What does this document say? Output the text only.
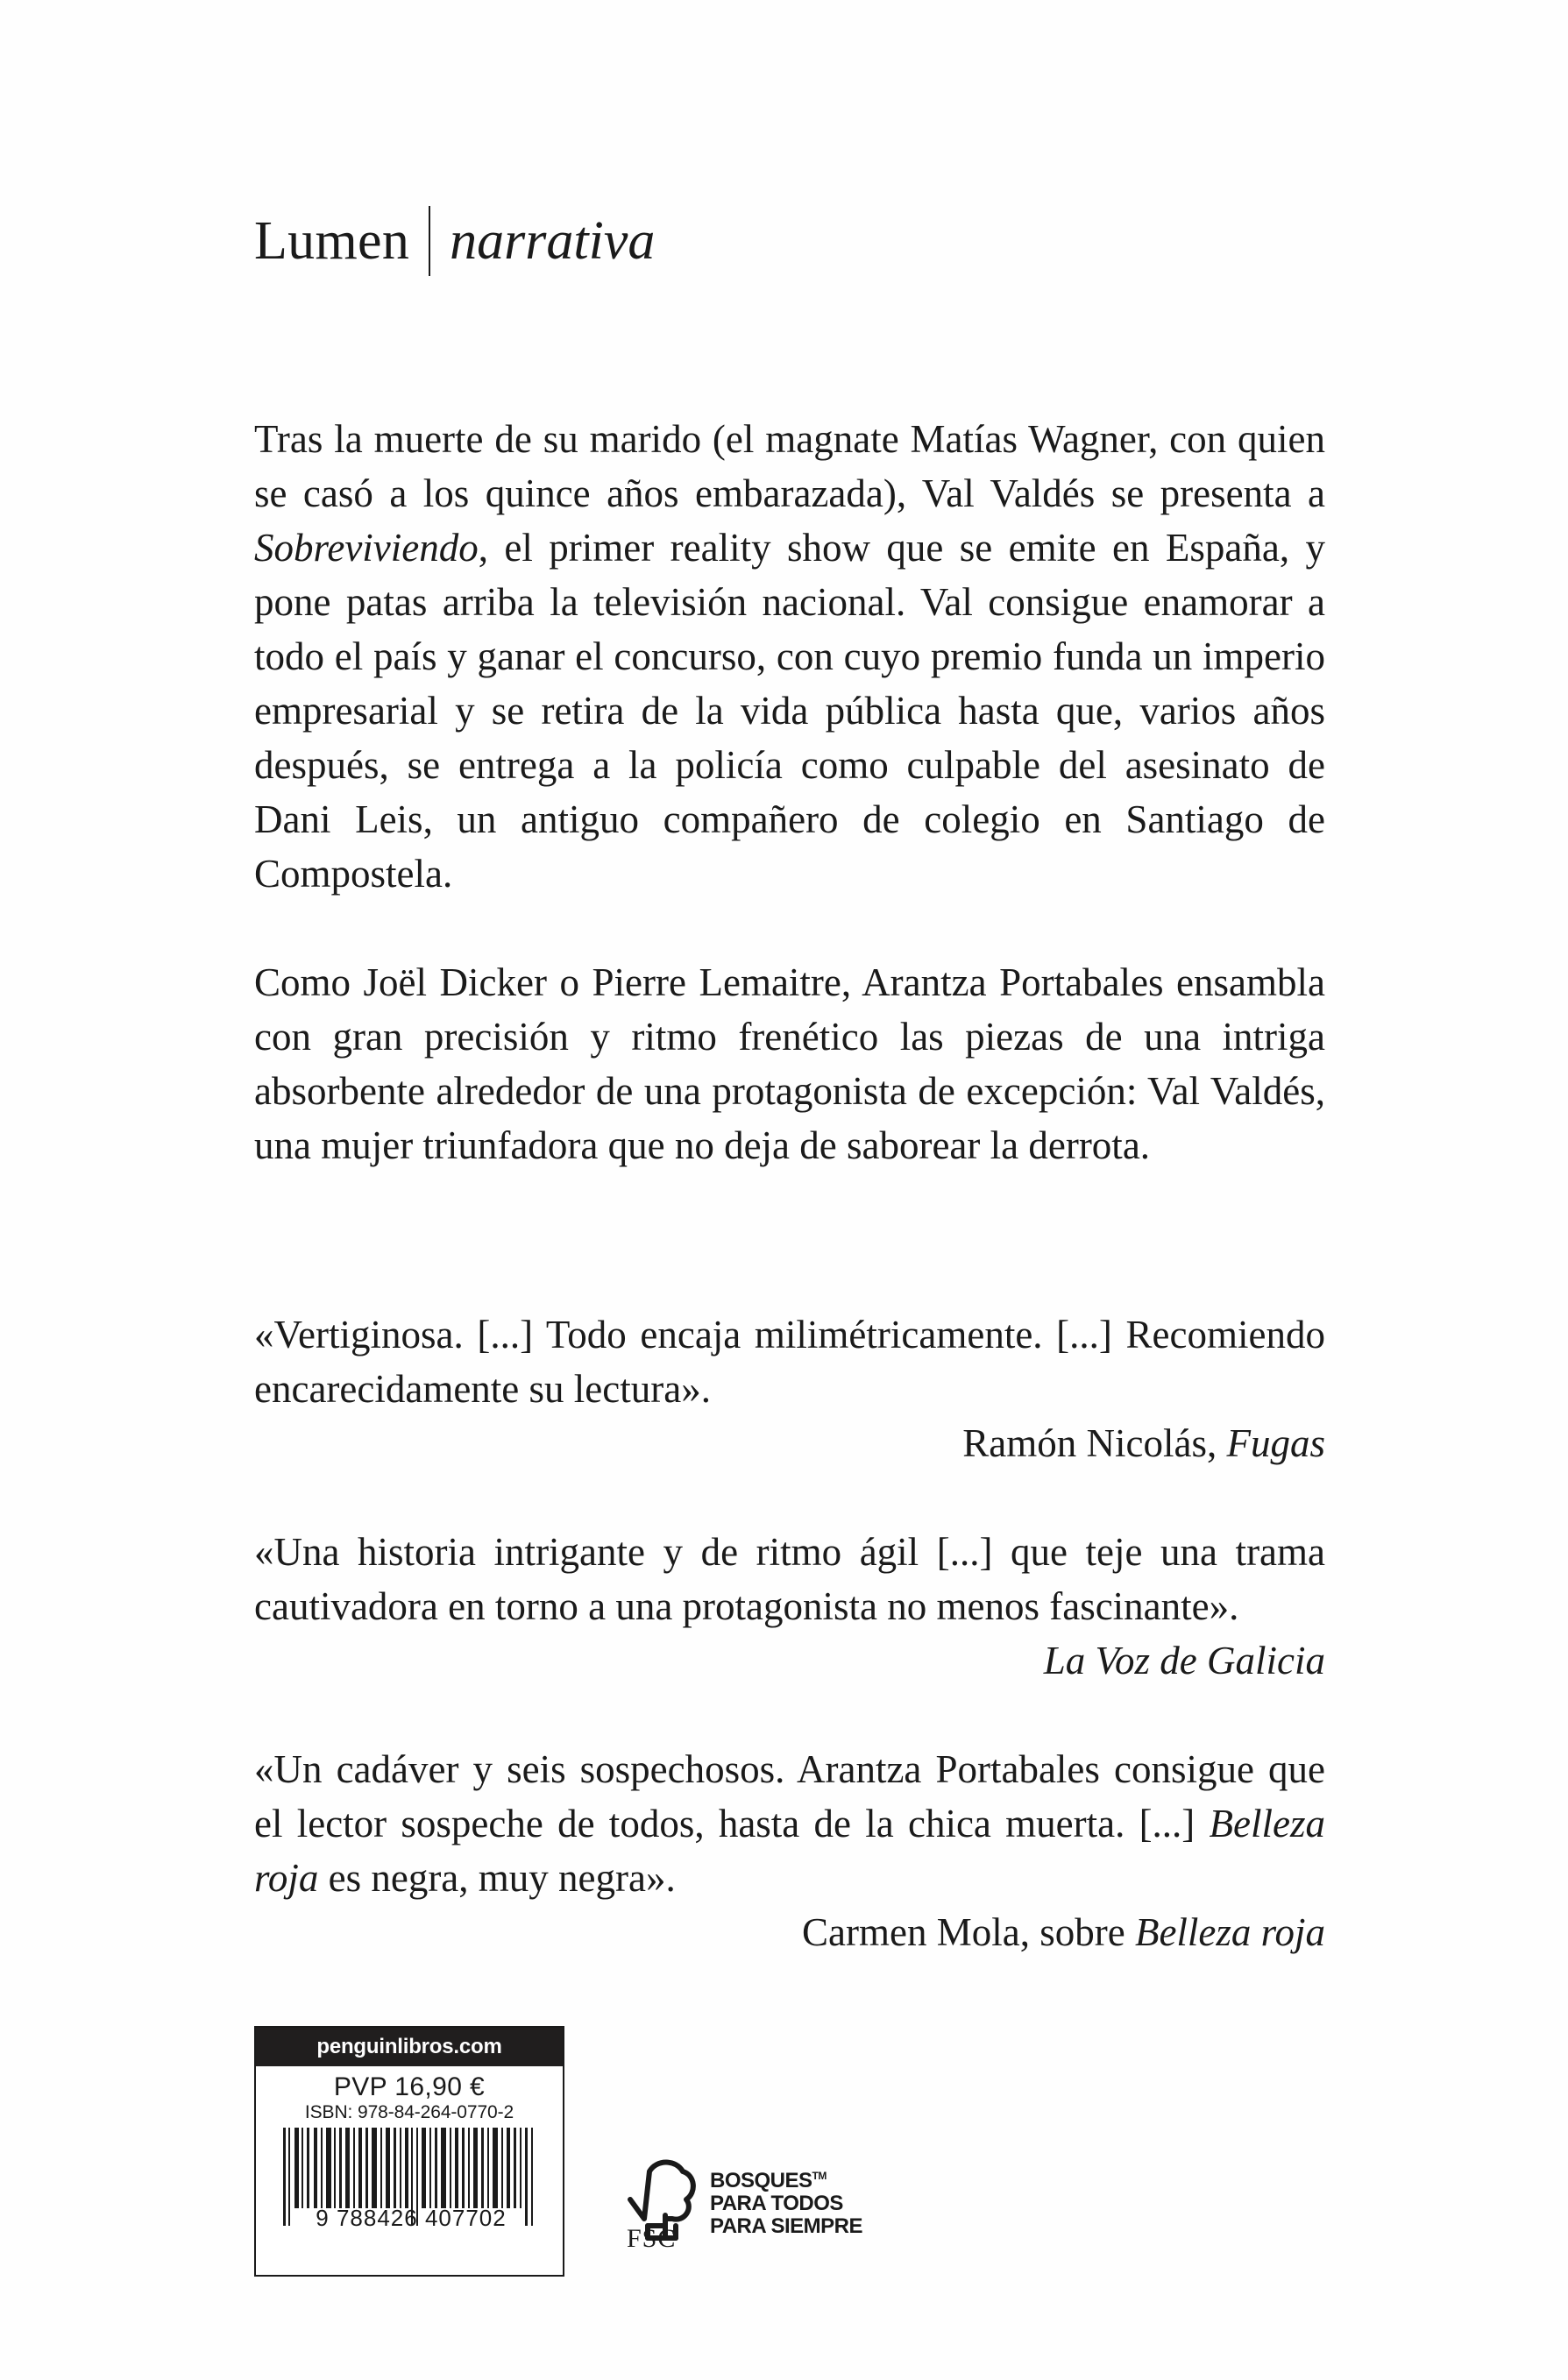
Lumen narrativa

Tras la muerte de su marido (el magnate Matías Wagner, con quien se casó a los quince años embarazada), Val Valdés se presenta a Sobreviviendo, el primer reality show que se emite en España, y pone patas arriba la televisión nacional. Val consigue enamorar a todo el país y ganar el concurso, con cuyo premio funda un imperio empresarial y se retira de la vida pública hasta que, varios años después, se entrega a la policía como culpable del asesinato de Dani Leis, un antiguo compañero de colegio en Santiago de Compostela.

Como Joël Dicker o Pierre Lemaitre, Arantza Portabales ensambla con gran precisión y ritmo frenético las piezas de una intriga absorbente alrededor de una protagonista de excepción: Val Valdés, una mujer triunfadora que no deja de saborear la derrota.

«Vertiginosa. [...] Todo encaja milimétricamente. [...] Recomiendo encarecidamente su lectura».

Ramón Nicolás, Fugas

«Una historia intrigante y de ritmo ágil [...] que teje una trama cautivadora en torno a una protagonista no menos fascinante».

La Voz de Galicia

«Un cadáver y seis sospechosos. Arantza Portabales consigue que el lector sospeche de todos, hasta de la chica muerta. [...] Belleza roja es negra, muy negra».

Carmen Mola, sobre Belleza roja

penguinlibros.com
PVP 16,90 €
ISBN: 978-84-264-0770-2
9 788426 407702
FSC
BOSQUES™
PARA TODOS
PARA SIEMPRE
